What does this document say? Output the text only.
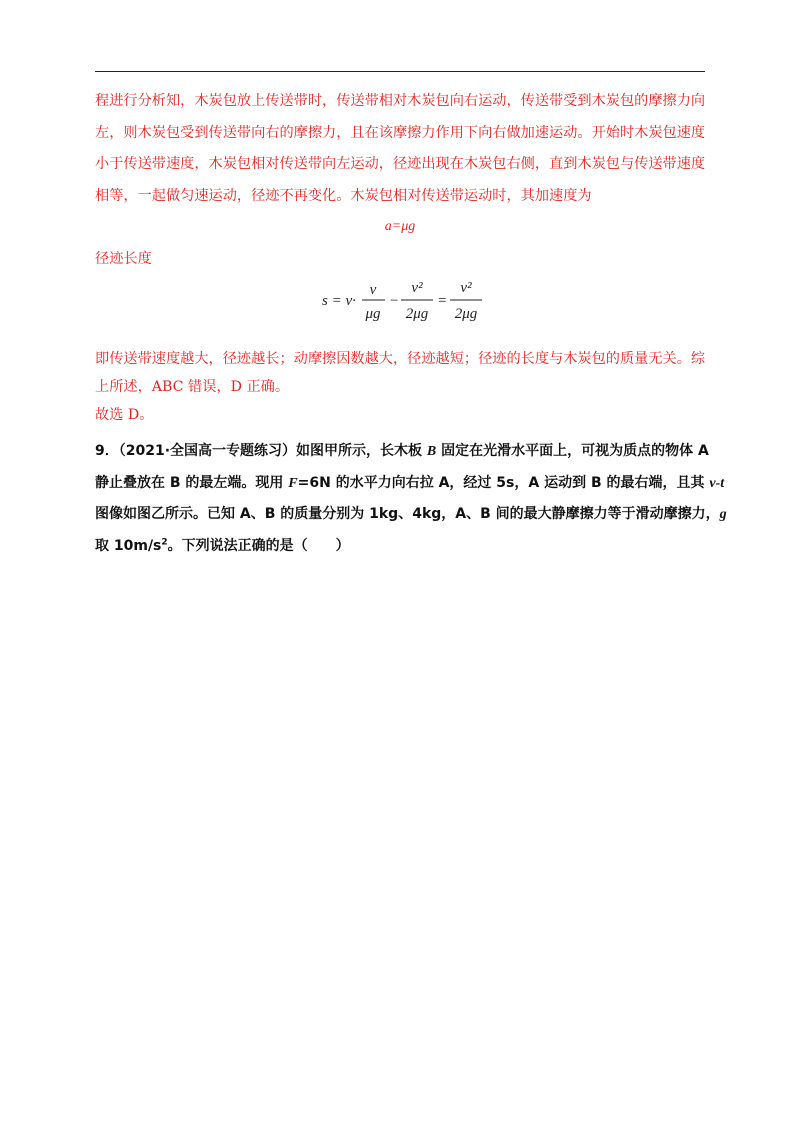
程进行分析知，木炭包放上传送带时，传送带相对木炭包向右运动，传送带受到木炭包的摩擦力向
左，则木炭包受到传送带向右的摩擦力，且在该摩擦力作用下向右做加速运动。开始时木炭包速度
小于传送带速度，木炭包相对传送带向左运动，径迹出现在木炭包右侧，直到木炭包与传送带速度
相等，一起做匀速运动，径迹不再变化。木炭包相对传送带运动时，其加速度为
a=μg
径迹长度
s = v·
v
μg
−
v²
2μg
=
v²
2μg
即传送带速度越大，径迹越长；动摩擦因数越大，径迹越短；径迹的长度与木炭包的质量无关。综
上所述，ABC 错误，D 正确。
故选 D。
9．（2021·全国高一专题练习）如图甲所示，长木板 B 固定在光滑水平面上，可视为质点的物体 A
静止叠放在 B 的最左端。现用 F=6N 的水平力向右拉 A，经过 5s，A 运动到 B 的最右端，且其 v-t
图像如图乙所示。已知 A、B 的质量分别为 1kg、4kg，A、B 间的最大静摩擦力等于滑动摩擦力，g
取 $10m/s^2$。下列说法正确的是（　　）
